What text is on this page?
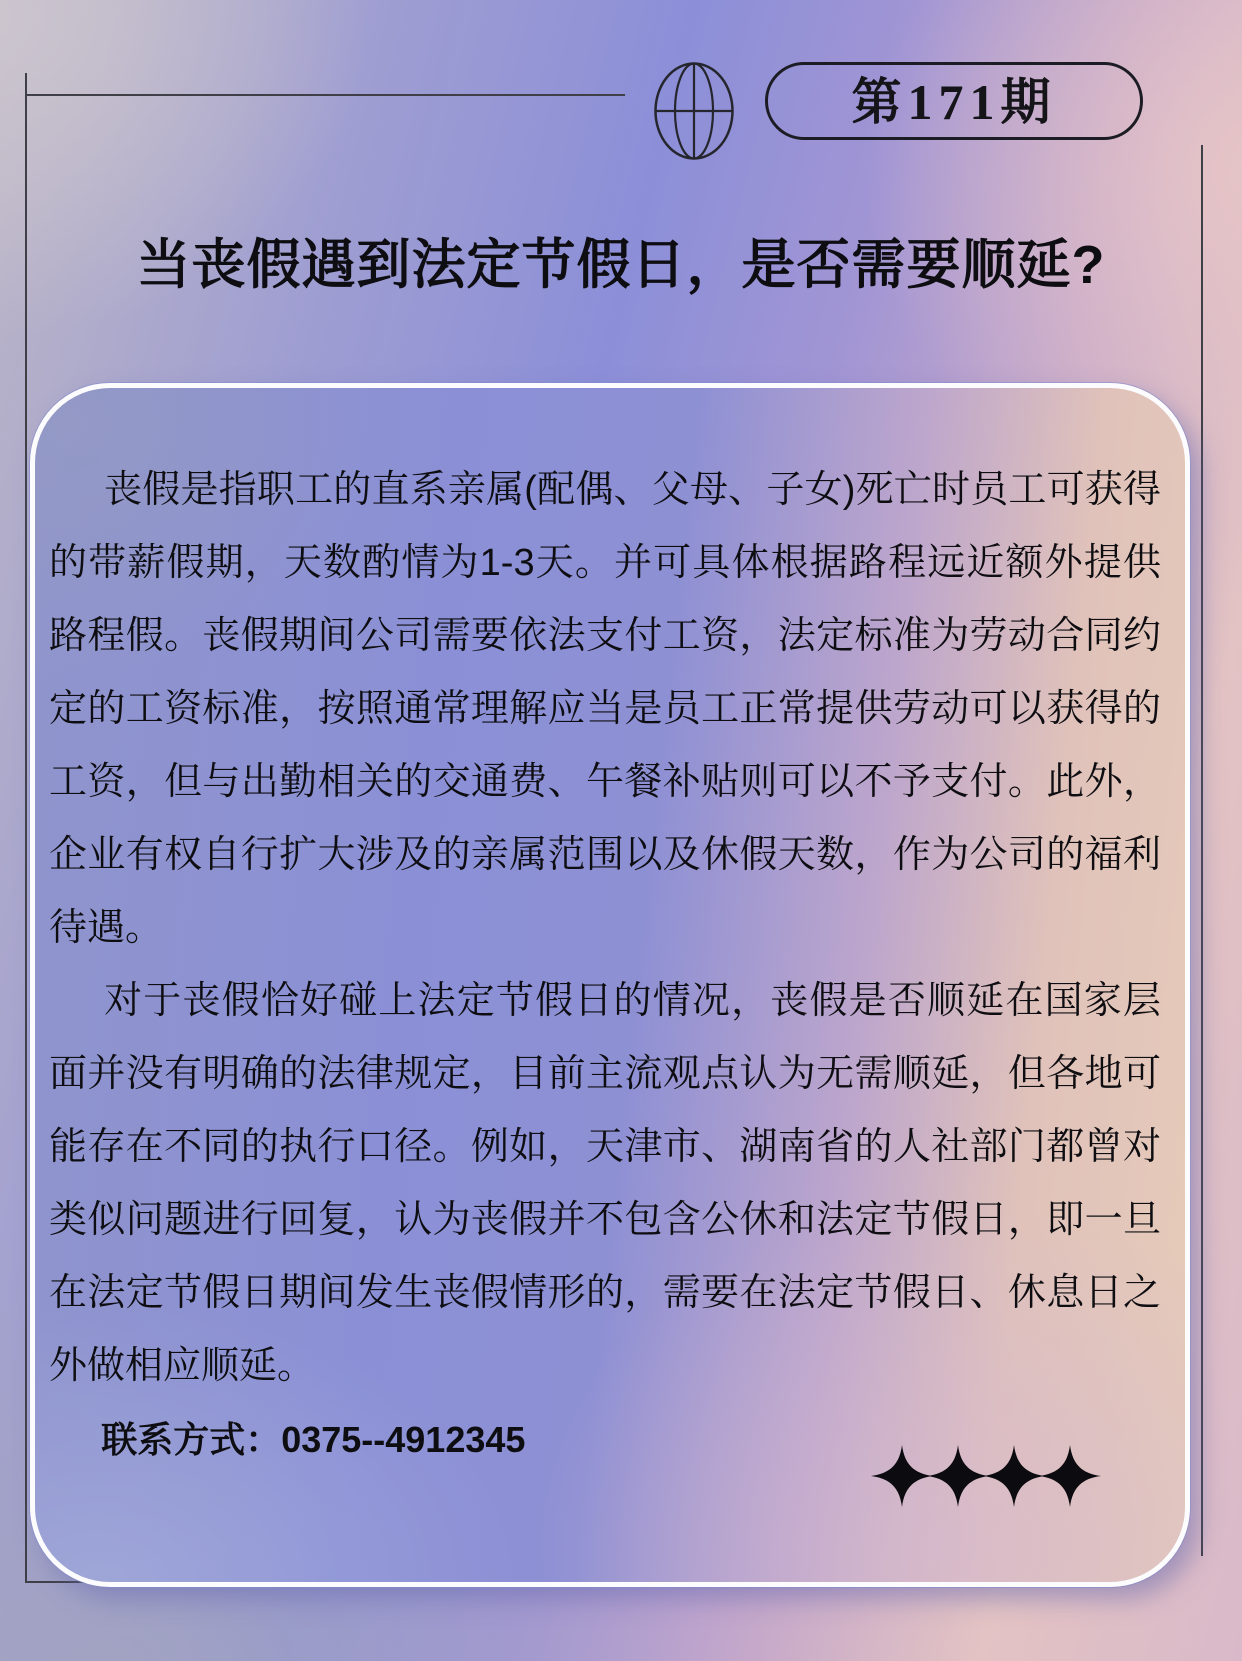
第171期
当丧假遇到法定节假日，是否需要顺延?

丧假是指职工的直系亲属(配偶、父母、子女)死亡时员工可获得的带薪假期，天数酌情为1-3天。并可具体根据路程远近额外提供路程假。丧假期间公司需要依法支付工资，法定标准为劳动合同约定的工资标准，按照通常理解应当是员工正常提供劳动可以获得的工资，但与出勤相关的交通费、午餐补贴则可以不予支付。此外，企业有权自行扩大涉及的亲属范围以及休假天数，作为公司的福利待遇。

对于丧假恰好碰上法定节假日的情况，丧假是否顺延在国家层面并没有明确的法律规定，目前主流观点认为无需顺延，但各地可能存在不同的执行口径。例如，天津市、湖南省的人社部门都曾对类似问题进行回复，认为丧假并不包含公休和法定节假日，即一旦在法定节假日期间发生丧假情形的，需要在法定节假日、休息日之外做相应顺延。

联系方式：0375--4912345
